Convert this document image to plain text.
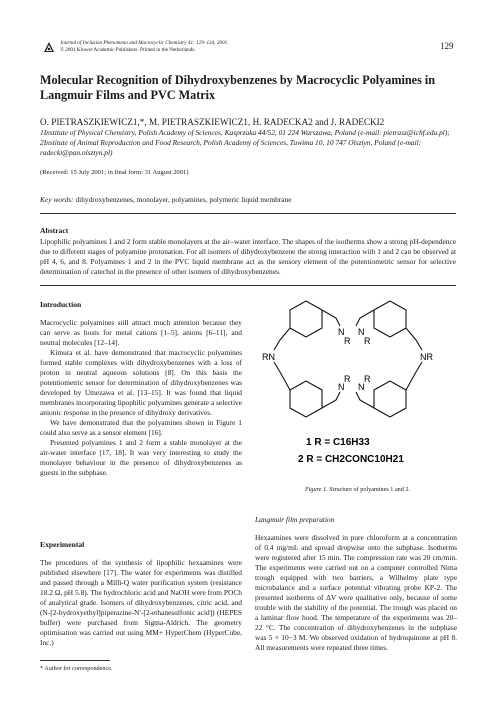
Journal of Inclusion Phenomena and Macrocyclic Chemistry 41: 129–134, 2001.
© 2001 Kluwer Academic Publishers. Printed in the Netherlands.	129
Molecular Recognition of Dihydroxybenzenes by Macrocyclic Polyamines in Langmuir Films and PVC Matrix
O. PIETRASZKIEWICZ1,*, M. PIETRASZKIEWICZ1, H. RADECKA2 and J. RADECKI2
1Institute of Physical Chemistry, Polish Academy of Sciences, Kasprzaka 44/52, 01 224 Warszawa, Poland (e-mail: pietrasz@ichf.edu.pl); 2Institute of Animal Reproduction and Food Research, Polish Academy of Sciences, Tuwima 10, 10 747 Olsztyn, Poland (e-mail: radecki@pan.olsztyn.pl)
(Received: 15 July 2001; in final form: 31 August 2001)
Key words: dihydroxybenzenes, monolayer, polyamines, polymeric liquid membrane
Abstract
Lipophilic polyamines 1 and 2 form stable monolayers at the air–water interface. The shapes of the isotherms show a strong pH-dependence due to different stages of polyamine protonation. For all isomers of dihydroxybenzene the strong interaction with 1 and 2 can be observed at pH 4, 6, and 8. Polyamines 1 and 2 in the PVC liquid membrane act as the sensory element of the potentiometric sensor for selective determination of catechol in the presence of other isomers of dihydroxybenzenes.
Introduction

Macrocyclic polyamines still attract much attention because they can serve as hosts for metal cations [1–5], anions [6–11], and neutral molecules [12–14].

Kimura et al. have demonstrated that macrocyclic polyamines formed stable complexes with dihydroxybenzenes with a loss of proton in neutral aqueous solutions [8]. On this basis the potentiometric sensor for determination of dihydroxybenzenes was developed by Umezawa et al. [13–15]. It was found that liquid membranes incorporating lipophilic polyamines generate a selective anionic response in the presence of dihydroxy derivatives.

We have demonstrated that the polyamines shown in Figure 1 could also serve as a sensor element [16].

Presented polyamines 1 and 2 form a stable monolayer at the air-water interface [17, 18]. It was very interesting to study the monolayer behaviour in the presence of dihydroxybenzenes as guests in the subphase.

Experimental

The procedures of the synthesis of lipophilic hexaamines were published elsewhere [17]. The water for experiments was distilled and passed through a Milli-Q water purification system (resistance 18.2 Ω, pH 5.8). The hydrochloric acid and NaOH were from POCh of analytical grade. Isomers of dihydroxybenzenes, citric acid, and (N-[2-hydroxyethyl]piperazine-N′-[2-ethanesulfonic acid]) (HEPES buffer) were purchased from Sigma-Aldrich. The geometry optimisation was carried out using MM+ HyperChem (HyperCube, Inc.)

* Author for correspondence.
N
R
N
R
RN	NR
N
R
N
R
1 R = C16H33
2 R = CH2CONC10H21
Figure 1. Structure of polyamines 1 and 2.
Langmuir film preparation

Hexaamines were dissolved in pure chloroform at a concentration of 0.4 mg/mL and spread dropwise onto the subphase. Isotherms were registered after 15 min. The compression rate was 20 cm/min. The experiments were carried out on a computer controlled Nima trough equipped with two barriers, a Wilhelmy plate type microbalance and a surface potential vibrating probe KP-2. The presented isotherms of ΔV were qualitative only, because of some trouble with the stability of the potential. The trough was placed on a laminar flow hood. The temperature of the experiments was 20–22 °C. The concentration of dihydroxybenzenes in the subphase was 5 × 10−3 M. We observed oxidation of hydroquinone at pH 8. All measurements were repeated three times.
